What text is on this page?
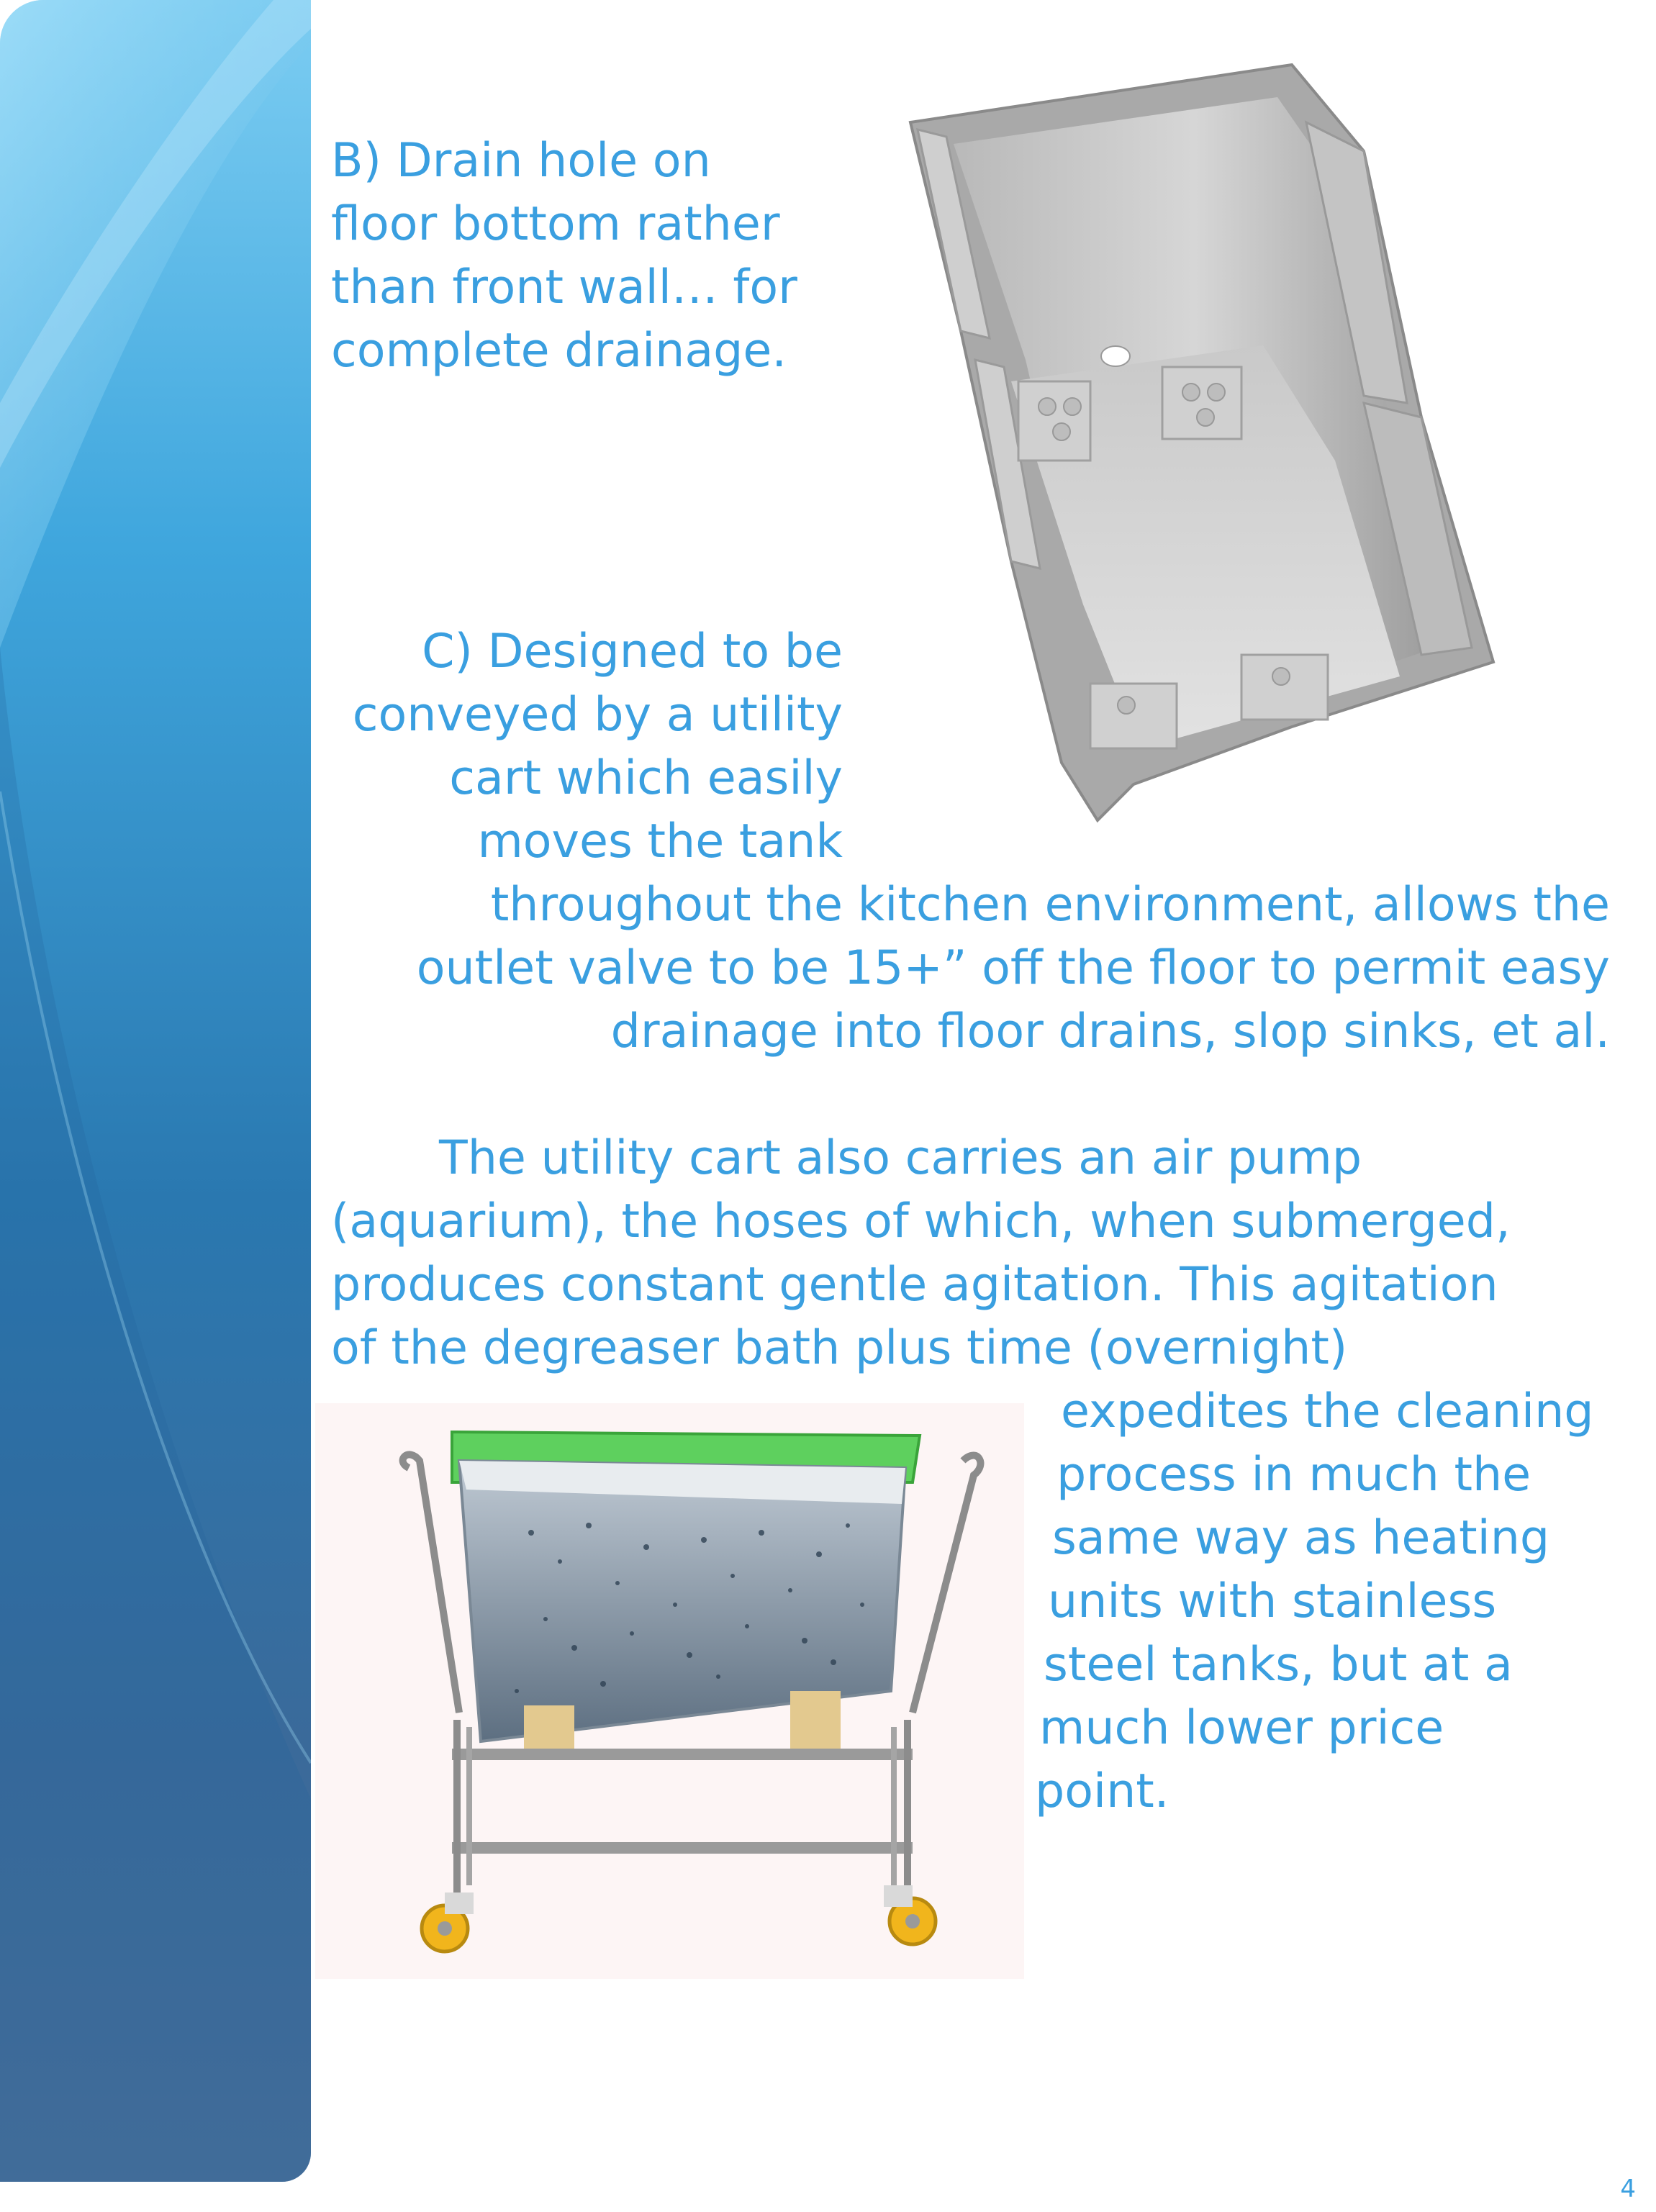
B) Drain hole on

floor bottom rather

than front wall… for

complete drainage.

C) Designed to be

conveyed by a utility

cart which easily

moves the tank

throughout the kitchen environment, allows the

outlet valve to be 15+” off the floor to permit easy

drainage into floor drains, slop sinks, et al.

The utility cart also carries an air pump

(aquarium), the hoses of which, when submerged,

produces constant gentle agitation. This agitation

of the degreaser bath plus time (overnight)

expedites the cleaning

process in much the

same way as heating

units with stainless

steel tanks, but at a

much lower price

point.

4
